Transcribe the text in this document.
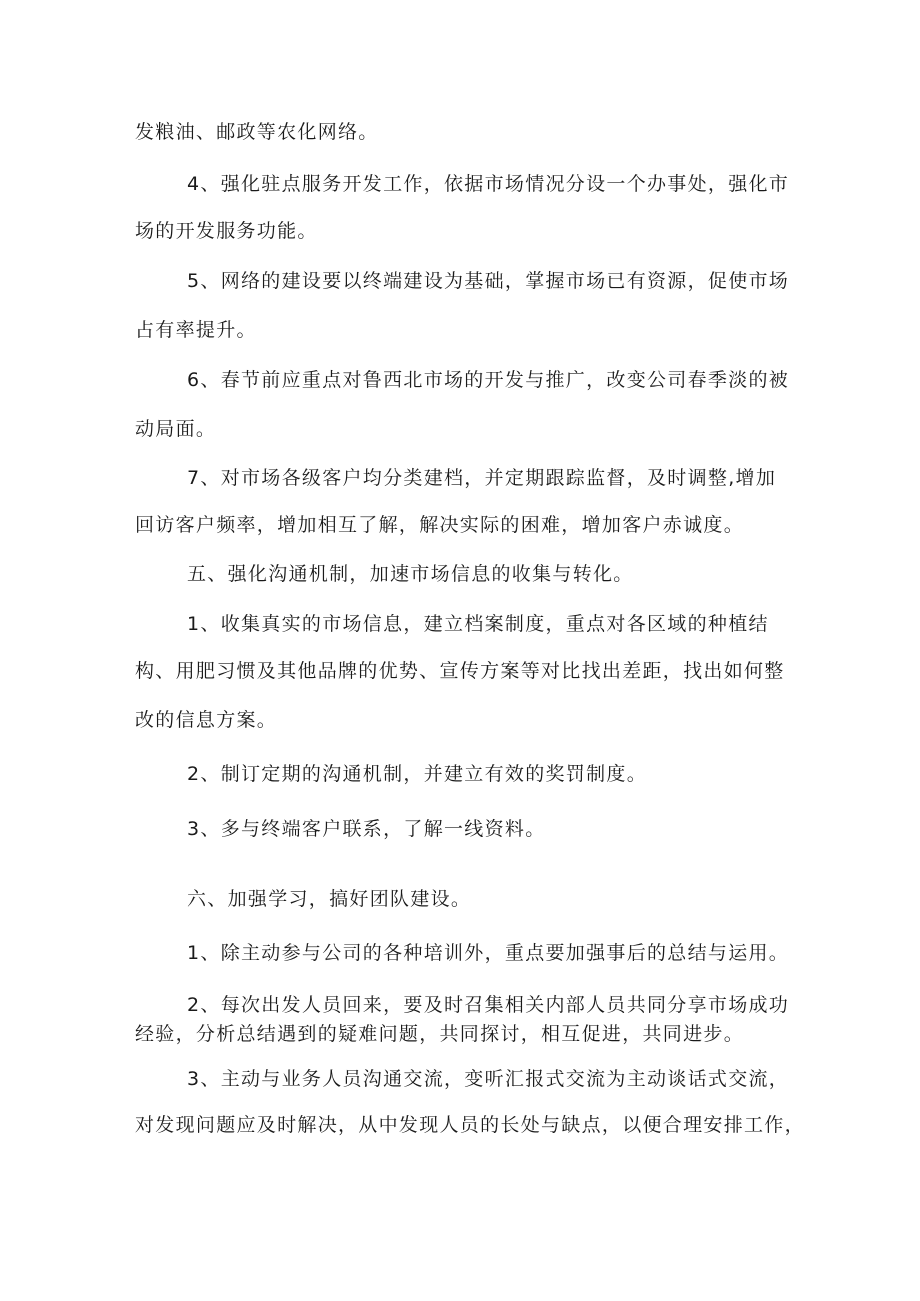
发粮油、邮政等农化网络。
4、强化驻点服务开发工作，依据市场情况分设一个办事处，强化市
场的开发服务功能。
5、网络的建设要以终端建设为基础，掌握市场已有资源，促使市场
占有率提升。
6、春节前应重点对鲁西北市场的开发与推广，改变公司春季淡的被
动局面。
7、对市场各级客户均分类建档，并定期跟踪监督，及时调整,增加
回访客户频率，增加相互了解，解决实际的困难，增加客户赤诚度。
五、强化沟通机制，加速市场信息的收集与转化。
1、收集真实的市场信息，建立档案制度，重点对各区域的种植结
构、用肥习惯及其他品牌的优势、宣传方案等对比找出差距，找出如何整
改的信息方案。
2、制订定期的沟通机制，并建立有效的奖罚制度。
3、多与终端客户联系，了解一线资料。
六、加强学习，搞好团队建设。
1、除主动参与公司的各种培训外，重点要加强事后的总结与运用。
2、每次出发人员回来，要及时召集相关内部人员共同分享市场成功
经验，分析总结遇到的疑难问题，共同探讨，相互促进，共同进步。
3、主动与业务人员沟通交流，变听汇报式交流为主动谈话式交流，
对发现问题应及时解决，从中发现人员的长处与缺点，以便合理安排工作，
